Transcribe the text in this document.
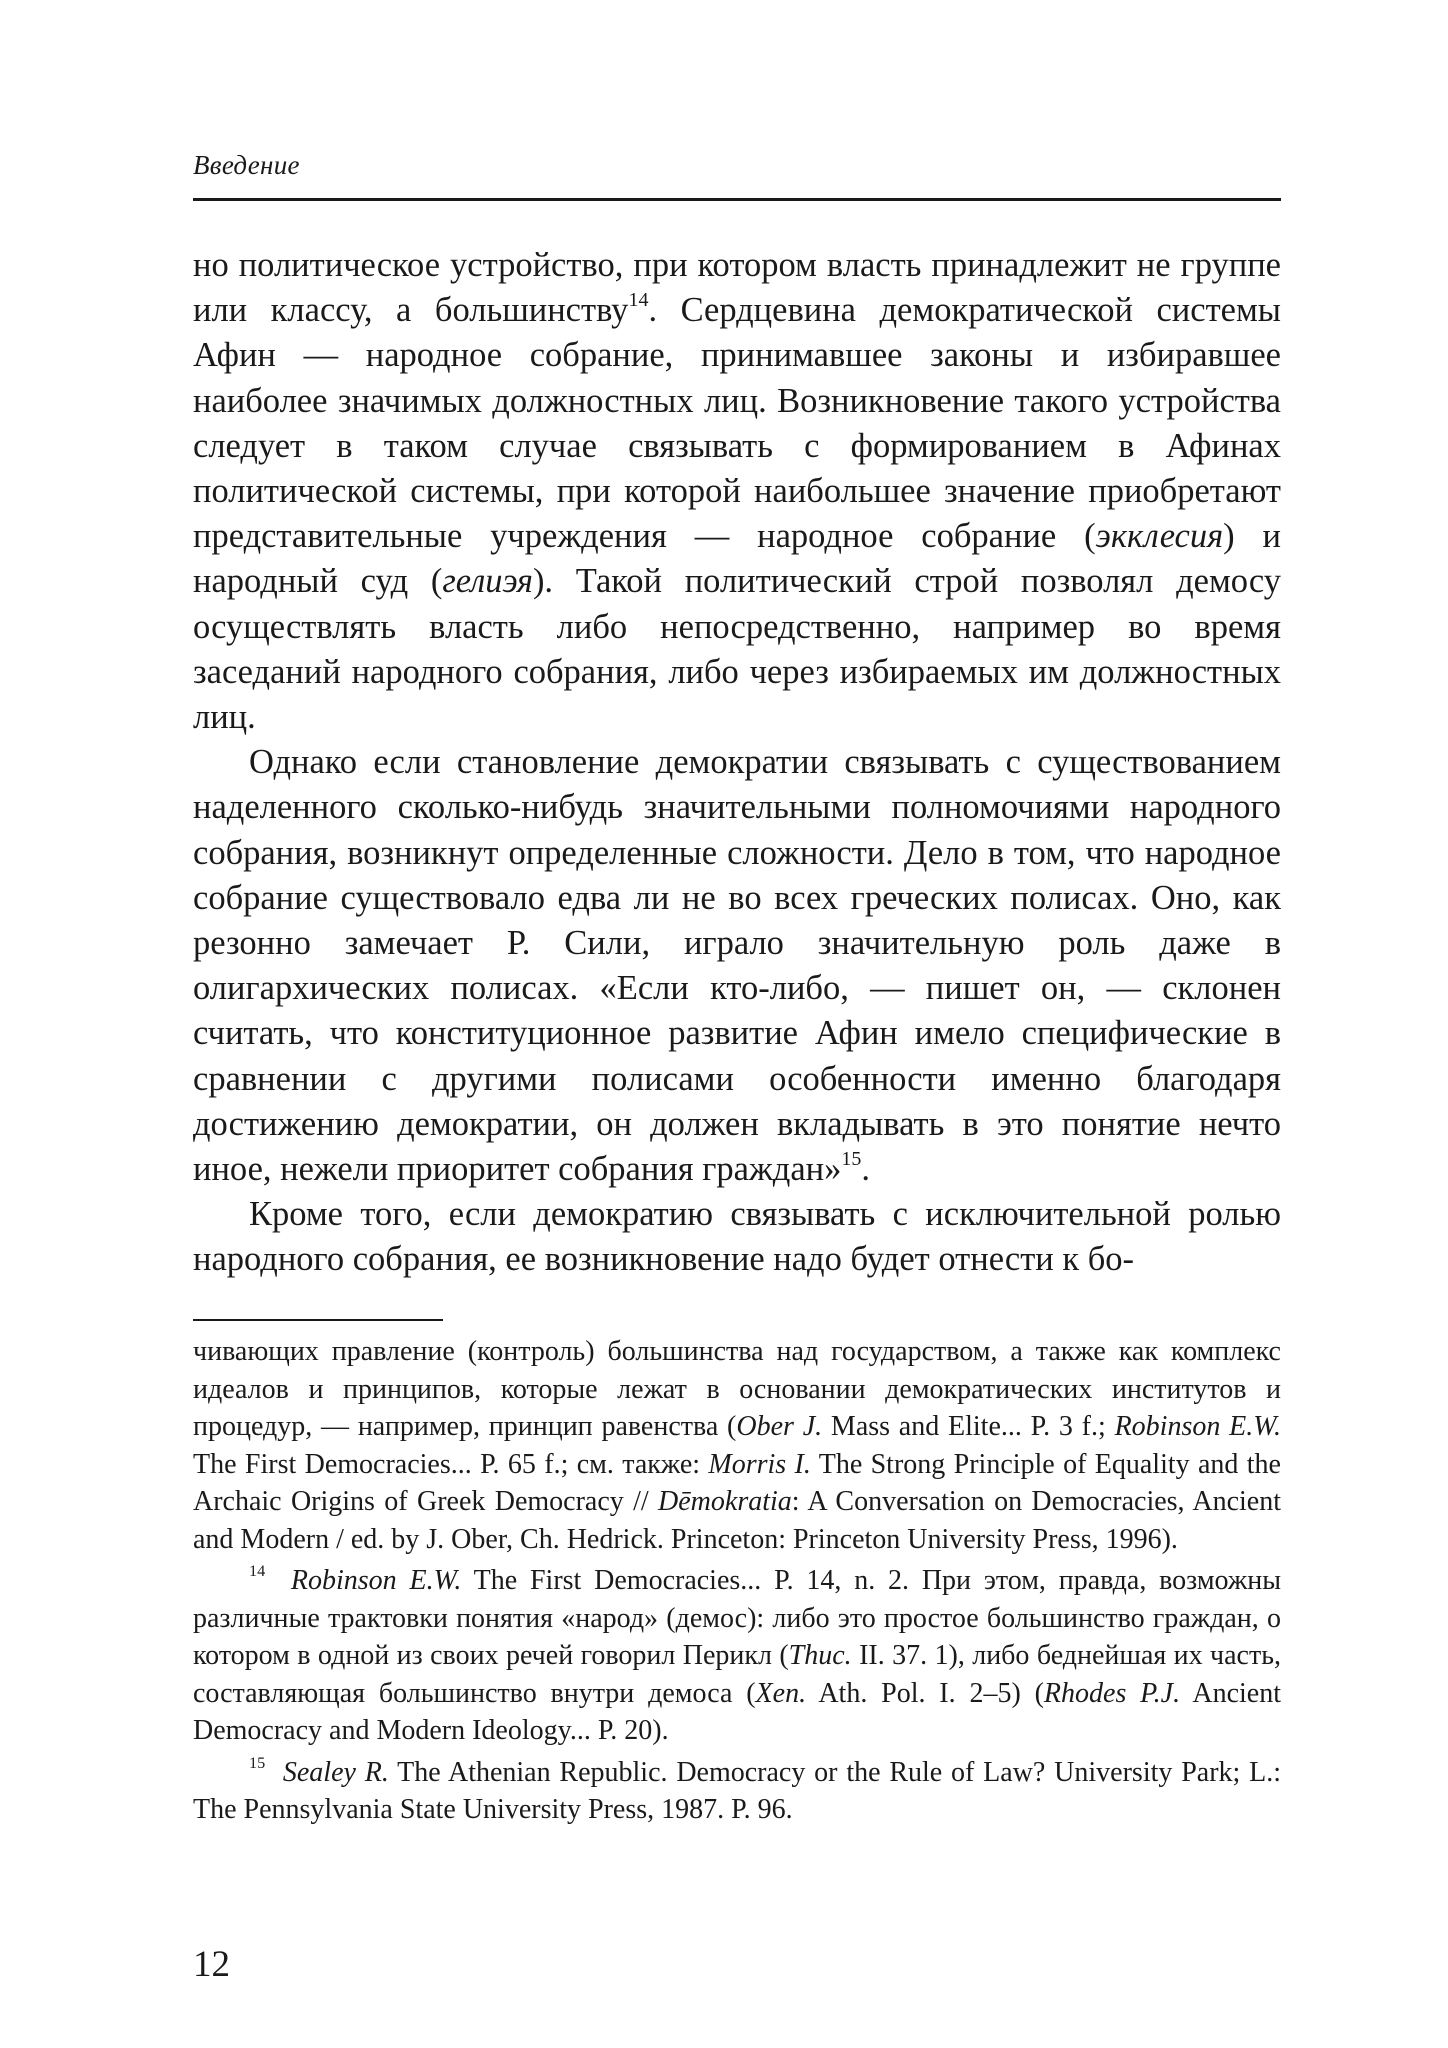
Введение

но политическое устройство, при котором власть принадлежит не группе или классу, а большинству$^{14}$. Сердцевина демократической системы Афин — народное собрание, принимавшее законы и избиравшее наиболее значимых должностных лиц. Возникновение такого устройства следует в таком случае связывать с формированием в Афинах политической системы, при которой наибольшее значение приобретают представительные учреждения — народное собрание (экклесия) и народный суд (гелиэя). Такой политический строй позволял демосу осуществлять власть либо непосредственно, например во время заседаний народного собрания, либо через избираемых им должностных лиц.

Однако если становление демократии связывать с существованием наделенного сколько-нибудь значительными полномочиями народного собрания, возникнут определенные сложности. Дело в том, что народное собрание существовало едва ли не во всех греческих полисах. Оно, как резонно замечает Р. Сили, играло значительную роль даже в олигархических полисах. «Если кто-либо, — пишет он, — склонен считать, что конституционное развитие Афин имело специфические в сравнении с другими полисами особенности именно благодаря достижению демократии, он должен вкладывать в это понятие нечто иное, нежели приоритет собрания граждан»$^{15}$.

Кроме того, если демократию связывать с исключительной ролью народного собрания, ее возникновение надо будет отнести к бо-

чивающих правление (контроль) большинства над государством, а также как комплекс идеалов и принципов, которые лежат в основании демократических институтов и процедур, — например, принцип равенства (Ober J. Mass and Elite... P. 3 f.; Robinson E.W. The First Democracies... P. 65 f.; см. также: Morris I. The Strong Principle of Equality and the Archaic Origins of Greek Democracy // Dēmokratia: A Conversation on Democracies, Ancient and Modern / ed. by J. Ober, Ch. Hedrick. Princeton: Princeton University Press, 1996).

$^{14}$ Robinson E.W. The First Democracies... P. 14, n. 2. При этом, правда, возможны различные трактовки понятия «народ» (демос): либо это простое большинство граждан, о котором в одной из своих речей говорил Перикл (Thuc. II. 37. 1), либо беднейшая их часть, составляющая большинство внутри демоса (Xen. Ath. Pol. I. 2–5) (Rhodes P.J. Ancient Democracy and Modern Ideology... P. 20).

$^{15}$ Sealey R. The Athenian Republic. Democracy or the Rule of Law? University Park; L.: The Pennsylvania State University Press, 1987. P. 96.

12
